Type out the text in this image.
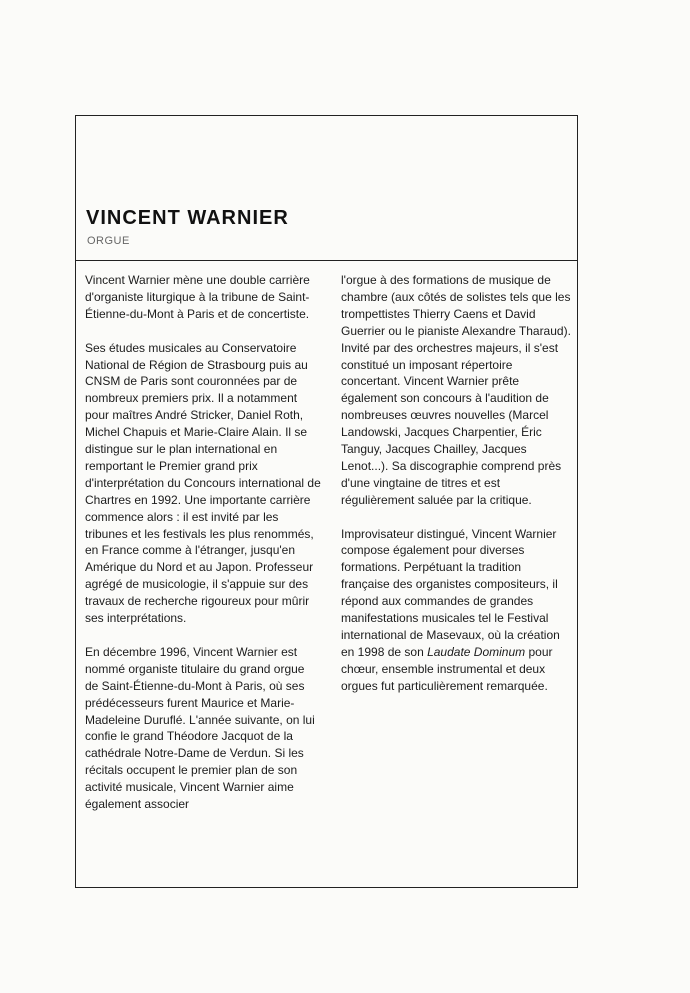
VINCENT WARNIER
ORGUE

Vincent Warnier mène une double carrière d'organiste liturgique à la tribune de Saint-Étienne-du-Mont à Paris et de concertiste.

Ses études musicales au Conservatoire National de Région de Strasbourg puis au CNSM de Paris sont couronnées par de nombreux premiers prix. Il a notamment pour maîtres André Stricker, Daniel Roth, Michel Chapuis et Marie-Claire Alain. Il se distingue sur le plan international en remportant le Premier grand prix d'interprétation du Concours international de Chartres en 1992. Une importante carrière commence alors : il est invité par les tribunes et les festivals les plus renommés, en France comme à l'étranger, jusqu'en Amérique du Nord et au Japon. Professeur agrégé de musicologie, il s'appuie sur des travaux de recherche rigoureux pour mûrir ses interprétations.

En décembre 1996, Vincent Warnier est nommé organiste titulaire du grand orgue de Saint-Étienne-du-Mont à Paris, où ses prédécesseurs furent Maurice et Marie-Madeleine Duruflé. L'année suivante, on lui confie le grand Théodore Jacquot de la cathédrale Notre-Dame de Verdun. Si les récitals occupent le premier plan de son activité musicale, Vincent Warnier aime également associer

l'orgue à des formations de musique de chambre (aux côtés de solistes tels que les trompettistes Thierry Caens et David Guerrier ou le pianiste Alexandre Tharaud). Invité par des orchestres majeurs, il s'est constitué un imposant répertoire concertant. Vincent Warnier prête également son concours à l'audition de nombreuses œuvres nouvelles (Marcel Landowski, Jacques Charpentier, Éric Tanguy, Jacques Chailley, Jacques Lenot...). Sa discographie comprend près d'une vingtaine de titres et est régulièrement saluée par la critique.

Improvisateur distingué, Vincent Warnier compose également pour diverses formations. Perpétuant la tradition française des organistes compositeurs, il répond aux commandes de grandes manifestations musicales tel le Festival international de Masevaux, où la création en 1998 de son Laudate Dominum pour chœur, ensemble instrumental et deux orgues fut particulièrement remarquée.
